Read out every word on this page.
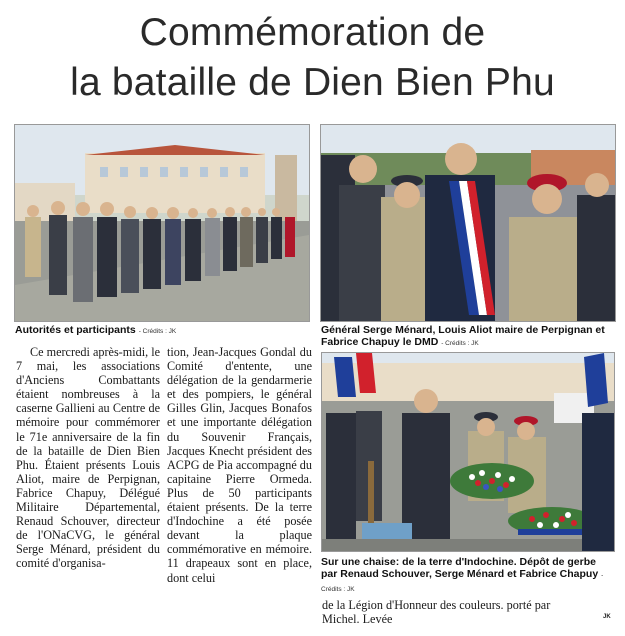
Commémoration de
la bataille de Dien Bien Phu
Autorités et participants - Crédits : JK	Général Serge Ménard, Louis Aliot maire de Perpignan et Fabrice Chapuy le DMD - Crédits : JK
Sur une chaise: de la terre d'Indochine. Dépôt de gerbe par Renaud Schouver, Serge Ménard et Fabrice Chapuy - Crédits : JK

Ce mercredi après-midi, le 7 mai, les associations d'Anciens Combattants étaient nombreuses à la caserne Gallieni au Centre de mémoire pour commémorer le 71e anniversaire de la fin de la bataille de Dien Bien Phu. Étaient présents Louis Aliot, maire de Perpignan, Fabrice Chapuy, Délégué Militaire Départemental, Renaud Schouver, directeur de l'ONaCVG, le général Serge Ménard, président du comité d'organisa-

tion, Jean-Jacques Gondal du Comité d'entente, une délégation de la gendarmerie et des pompiers, le général Gilles Glin, Jacques Bonafos et une importante délégation du Souvenir Français, Jacques Knecht président des ACPG de Pia accompagné du capitaine Pierre Ormeda. Plus de 50 participants étaient présents. De la terre d'Indochine a été posée devant la plaque commémorative en mémoire. 11 drapeaux sont en place, dont celui

de la Légion d'Honneur des couleurs. porté par Michel. Levée	JK
